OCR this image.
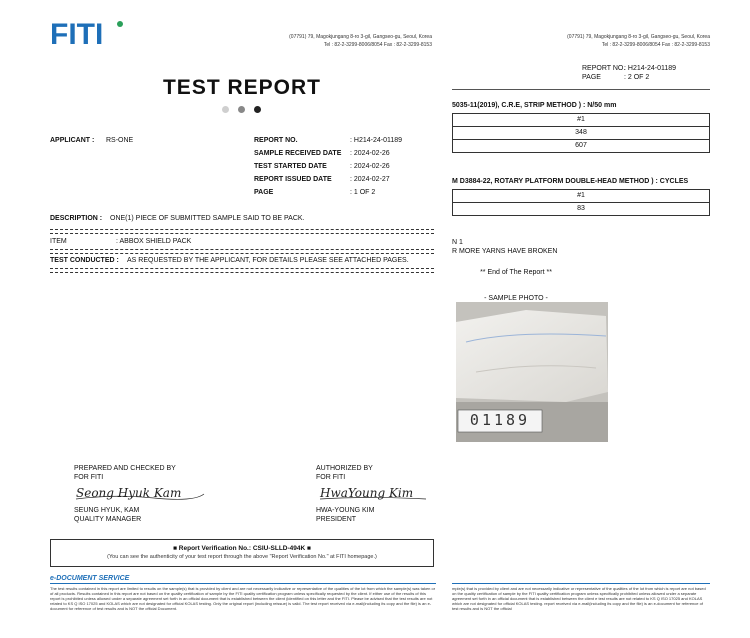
FITI	(07791) 79, Magokjungang 8-ro 3-gil, Gangseo-gu, Seoul, Korea
Tel : 82-2-3299-8006/8054 Fax : 82-2-3299-8153
TEST REPORT
APPLICANT : RS-ONE	REPORT NO.	: H214-24-01189
SAMPLE RECEIVED DATE : 2024-02-26
TEST STARTED DATE	: 2024-02-26
REPORT ISSUED DATE	: 2024-02-27
PAGE	: 1 OF 2
DESCRIPTION : ONE(1) PIECE OF SUBMITTED SAMPLE SAID TO BE PACK.
ITEM	: ABBOX SHIELD PACK
TEST CONDUCTED : AS REQUESTED BY THE APPLICANT, FOR DETAILS PLEASE SEE ATTACHED PAGES.
PREPARED AND CHECKED BY
FOR FITI
Seong Hyuk Kam
SEUNG HYUK, KAM
QUALITY MANAGER
AUTHORIZED BY
FOR FITI
HwaYoung Kim
HWA-YOUNG KIM
PRESIDENT
■ Report Verification No.: CSIU-SLLD-494K ■
(You can see the authenticity of your test report through the above "Report Verification No." at FITI homepage.)
e-DOCUMENT SERVICE
The test results contained in this report are limited to results on the sample(s) that is provided by client and are not necessarily indicative or representative of the qualities of the lot from which the sample(s) was taken or of all products. Results contained in this report are not based on the quality certification of sample by the FITI quality certification program unless specifically requested by the client. If either use of the results of this report is prohibited unless allowed under a separate agreement set forth in an official document that is established between the client (identified on this letter and the FITI. Please be advised that the test results are not related to KS Q ISO 17025 and KOLAS which are not designated for official KOLAS testing. Only the original report (including reissue) is valid. The test report received via e-mail(including its copy and the file) is an e-document for reference of test results and is NOT the official Document.
(07791) 79, Magokjungang 8-ro 3-gil, Gangseo-gu, Seoul, Korea
Tel : 82-2-3299-8006/8054 Fax : 82-2-3299-8153
REPORT NO.
: H214-24-01189
PAGE	: 2 OF 2
5035-11(2019), C.R.E, STRIP METHOD ) : N/50 mm
#1
348
607
M D3884-22, ROTARY PLATFORM DOUBLE-HEAD METHOD ) : CYCLES
#1
83
N 1
R MORE YARNS HAVE BROKEN
** End of The Report **
- SAMPLE PHOTO -
01189
mple(s) that is provided by client and are not necessarily indicative or representative of the qualities of the lot from which is report are not based on the quality certification of sample by the FITI quality certification program unless specifically prohibited unless allowed under a separate agreement set forth in an official document that is established between the client e test results are not related to KS Q ISO 17025 and KOLAS which are not designated for official KOLAS testing. report received via e-mail(including its copy and the file) is an e-document for reference of test results and is NOT the official
